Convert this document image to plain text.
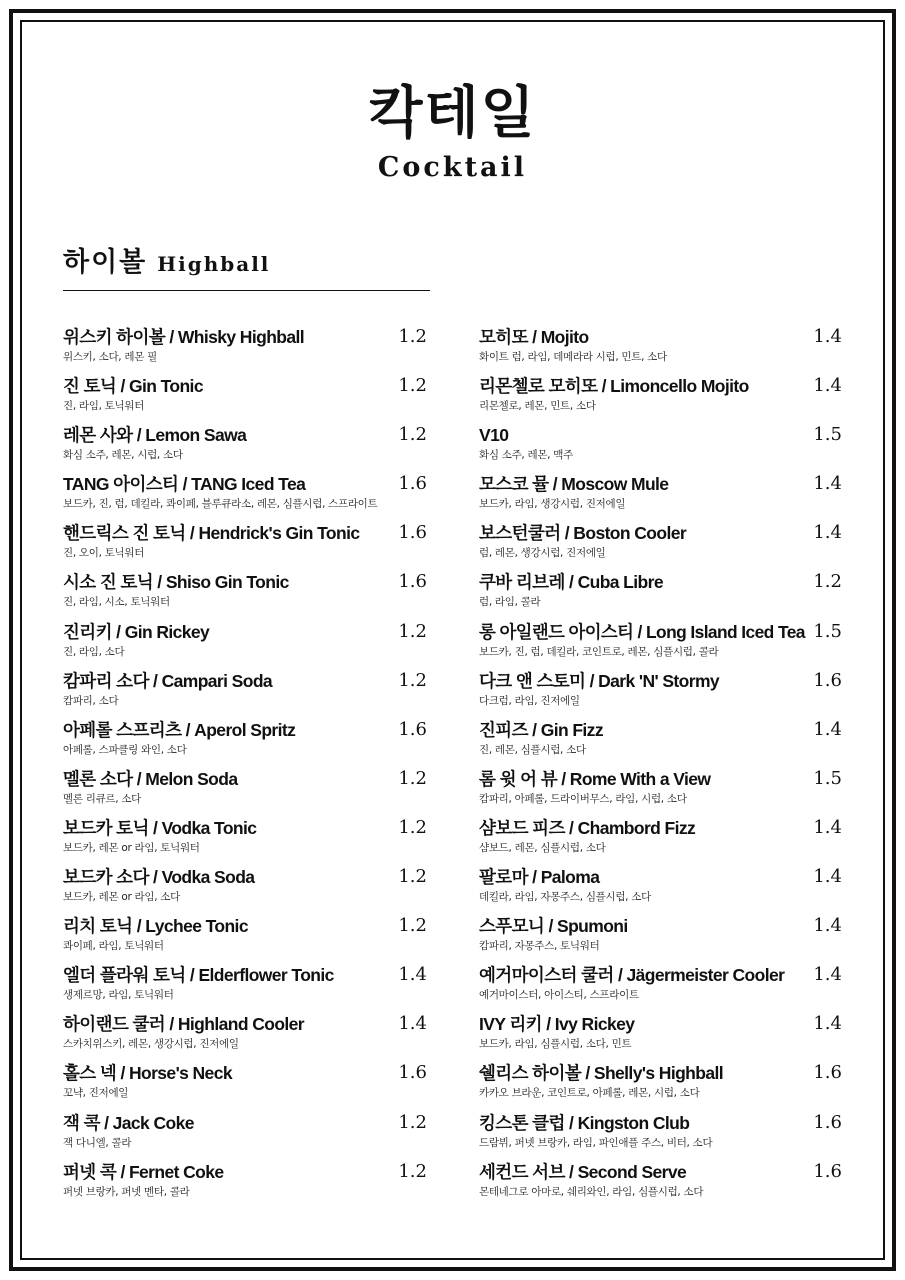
칵테일
Cocktail
하이볼 Highball
위스키 하이볼 / Whisky Highball	1.2
위스키, 소다, 레몬 필
진 토닉 / Gin Tonic	1.2
진, 라임, 토닉워터
레몬 사와 / Lemon Sawa	1.2
화심 소주, 레몬, 시럽, 소다
TANG 아이스티 / TANG Iced Tea	1.6
보드카, 진, 럼, 데킬라, 콰이페, 블루큐라소, 레몬, 심플시럽, 스프라이트
핸드릭스 진 토닉 / Hendrick's Gin Tonic 1.6
진, 오이, 토닉워터
시소 진 토닉 / Shiso Gin Tonic	1.6
진, 라임, 시소, 토닉워터
진리키 / Gin Rickey	1.2
진, 라임, 소다
캄파리 소다 / Campari Soda	1.2
캄파리, 소다
아페롤 스프리츠 / Aperol Spritz	1.6
아페롤, 스파클링 와인, 소다
멜론 소다 / Melon Soda	1.2
멜론 리큐르, 소다
보드카 토닉 / Vodka Tonic	1.2
보드카, 레몬 or 라임, 토닉워터
보드카 소다 / Vodka Soda	1.2
보드카, 레몬 or 라임, 소다
리치 토닉 / Lychee Tonic	1.2
콰이페, 라임, 토닉워터
엘더 플라워 토닉 / Elderflower Tonic	1.4
생제르망, 라임, 토닉워터
하이랜드 쿨러 / Highland Cooler	1.4
스카치위스키, 레몬, 생강시럽, 진저에일
홀스 넥 / Horse's Neck	1.6
꼬냑, 진저에일
잭 콕 / Jack Coke	1.2
잭 다니엘, 콜라
퍼넷 콕 / Fernet Coke	1.2
퍼넷 브랑카, 퍼넷 멘타, 콜라
모히또 / Mojito	1.4
화이트 럼, 라임, 데메라라 시럽, 민트, 소다
리몬첼로 모히또 / Limoncello Mojito	1.4
리몬첼로, 레몬, 민트, 소다
V10	1.5
화심 소주, 레몬, 맥주
모스코 뮬 / Moscow Mule	1.4
보드카, 라임, 생강시럽, 진저에일
보스턴쿨러 / Boston Cooler	1.4
럼, 레몬, 생강시럽, 진저에일
쿠바 리브레 / Cuba Libre	1.2
럼, 라임, 콜라
롱 아일랜드 아이스티 / Long Island Iced Tea 1.5
보드카, 진, 럼, 데킬라, 코인트로, 레몬, 심플시럽, 콜라
다크 앤 스토미 / Dark 'N' Stormy	1.6
다크럼, 라임, 진저에일
진피즈 / Gin Fizz	1.4
진, 레몬, 심플시럽, 소다
롬 윗 어 뷰 / Rome With a View	1.5
캄파리, 아페롤, 드라이버무스, 라임, 시럽, 소다
샴보드 피즈 / Chambord Fizz	1.4
샴보드, 레몬, 심플시럽, 소다
팔로마 / Paloma	1.4
데킬라, 라임, 자몽주스, 심플시럽, 소다
스푸모니 / Spumoni	1.4
캄파리, 자몽주스, 토닉워터
예거마이스터 쿨러 / Jägermeister Cooler 1.4
예거마이스터, 아이스티, 스프라이트
IVY 리키 / Ivy Rickey	1.4
보드카, 라임, 심플시럽, 소다, 민트
쉘리스 하이볼 / Shelly's Highball	1.6
카카오 브라운, 코인트로, 아페롤, 레몬, 시럽, 소다
킹스톤 클럽 / Kingston Club	1.6
드람뷔, 퍼넷 브랑카, 라임, 파인애플 주스, 비터, 소다
세컨드 서브 / Second Serve	1.6
몬테네그로 아마로, 쉐리와인, 라임, 심플시럽, 소다
